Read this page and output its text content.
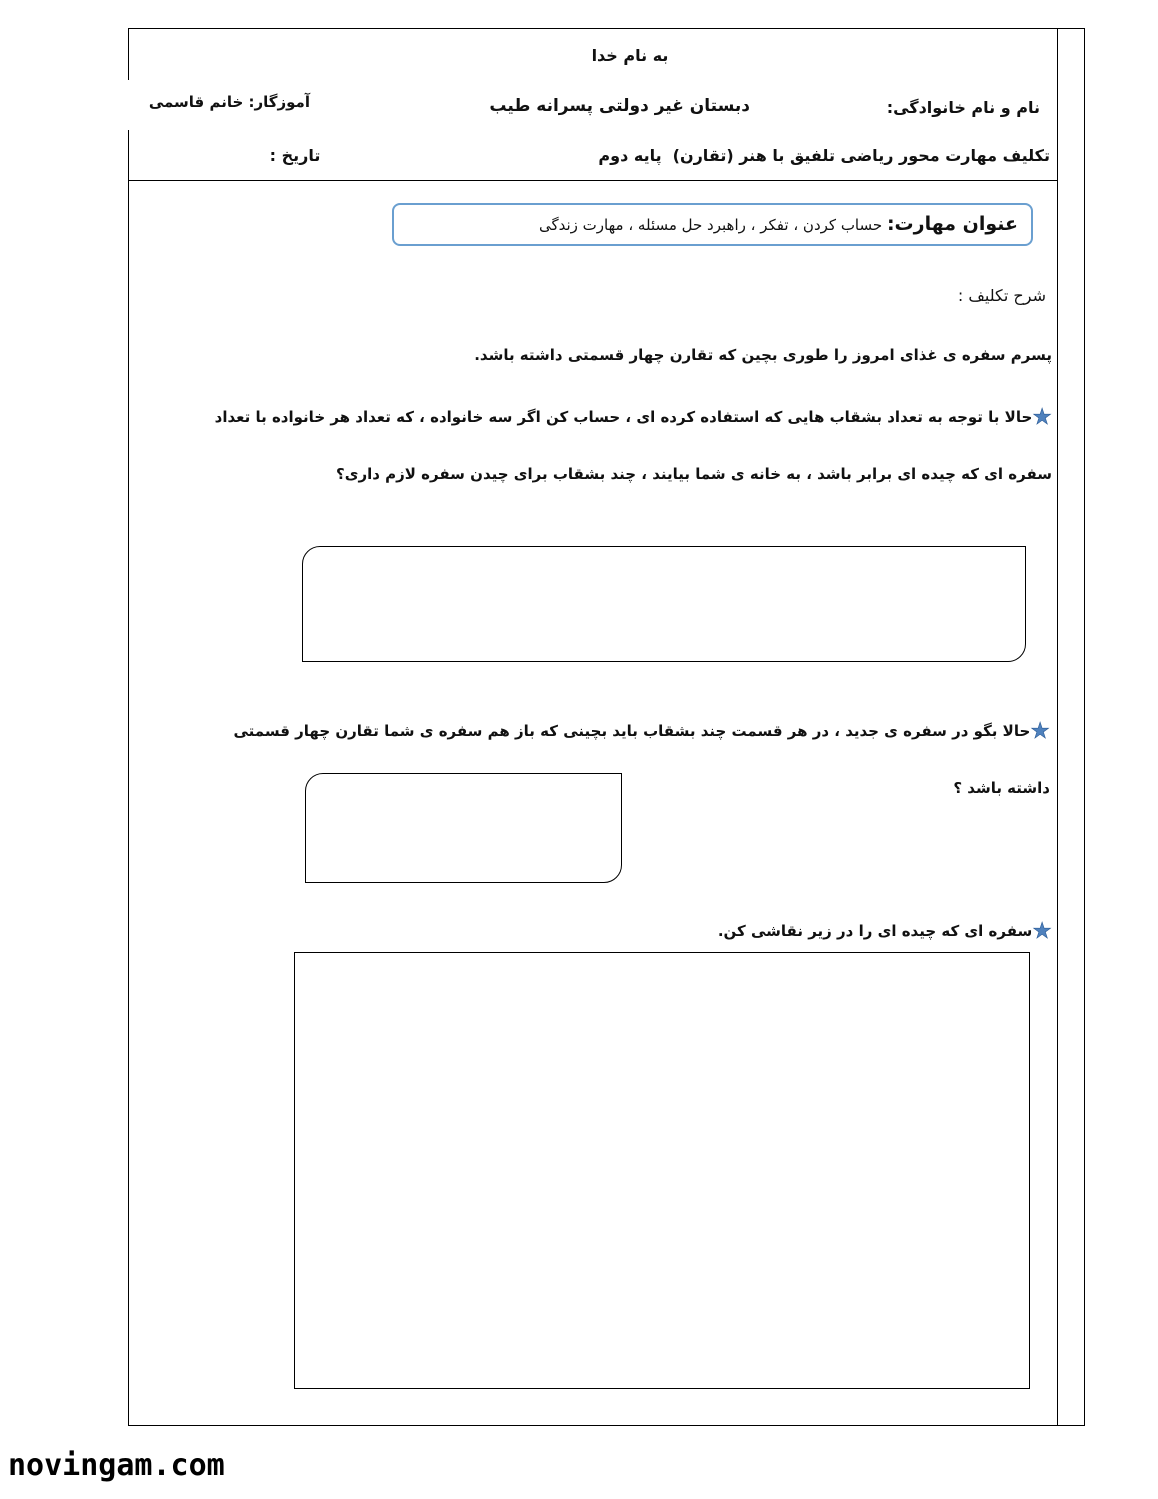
به نام خدا
نام و نام خانوادگی:
دبستان غیر دولتی پسرانه طیب
آموزگار: خانم قاسمی
تکلیف مهارت محور ریاضی تلفیق با هنر (تقارن)
پایه دوم
تاریخ :
عنوان مهارت: حساب کردن ، تفکر ، راهبرد حل مسئله ، مهارت زندگی
شرح تکلیف :
پسرم سفره ی غذای امروز را طوری بچین که تقارن چهار قسمتی داشته باشد.
★حالا با توجه به تعداد بشقاب هایی که استفاده کرده ای ، حساب کن اگر سه خانواده ، که تعداد هر خانواده با تعداد
سفره ای که چیده ای برابر باشد ، به خانه ی شما بیایند ، چند بشقاب برای چیدن سفره لازم داری؟
★حالا بگو در سفره ی جدید ، در هر قسمت چند بشقاب باید بچینی که باز هم سفره ی شما تقارن چهار قسمتی
داشته باشد ؟
★سفره ای که چیده ای را در زیر نقاشی کن.
novingam.com
